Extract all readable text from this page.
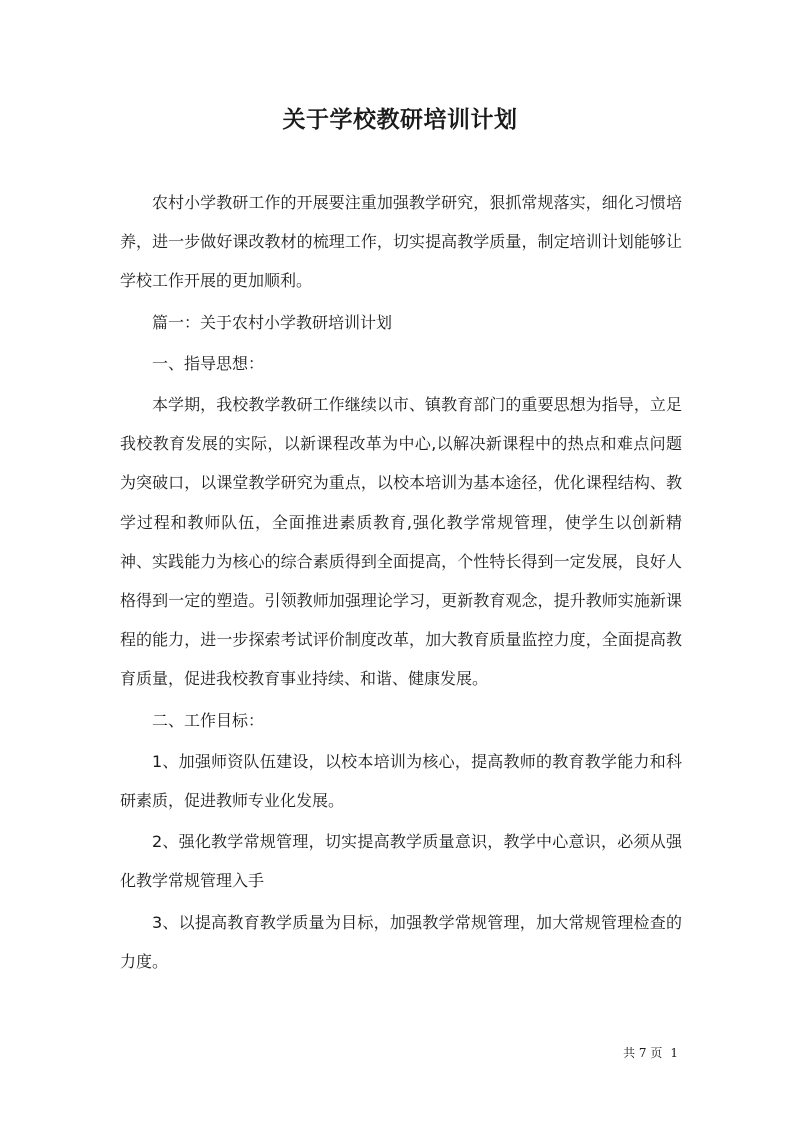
关于学校教研培训计划

农村小学教研工作的开展要注重加强教学研究，狠抓常规落实，细化习惯培养，进一步做好课改教材的梳理工作，切实提高教学质量，制定培训计划能够让学校工作开展的更加顺利。

篇一：关于农村小学教研培训计划

一、指导思想：

本学期，我校教学教研工作继续以市、镇教育部门的重要思想为指导，立足我校教育发展的实际，以新课程改革为中心,以解决新课程中的热点和难点问题为突破口，以课堂教学研究为重点，以校本培训为基本途径，优化课程结构、教学过程和教师队伍，全面推进素质教育,强化教学常规管理，使学生以创新精神、实践能力为核心的综合素质得到全面提高，个性特长得到一定发展，良好人格得到一定的塑造。引领教师加强理论学习，更新教育观念，提升教师实施新课程的能力，进一步探索考试评价制度改革，加大教育质量监控力度，全面提高教育质量，促进我校教育事业持续、和谐、健康发展。

二、工作目标：

1、加强师资队伍建设，以校本培训为核心，提高教师的教育教学能力和科研素质，促进教师专业化发展。

2、强化教学常规管理，切实提高教学质量意识，教学中心意识，必须从强化教学常规管理入手

3、以提高教育教学质量为目标，加强教学常规管理，加大常规管理检查的力度。

共 7 页 1
